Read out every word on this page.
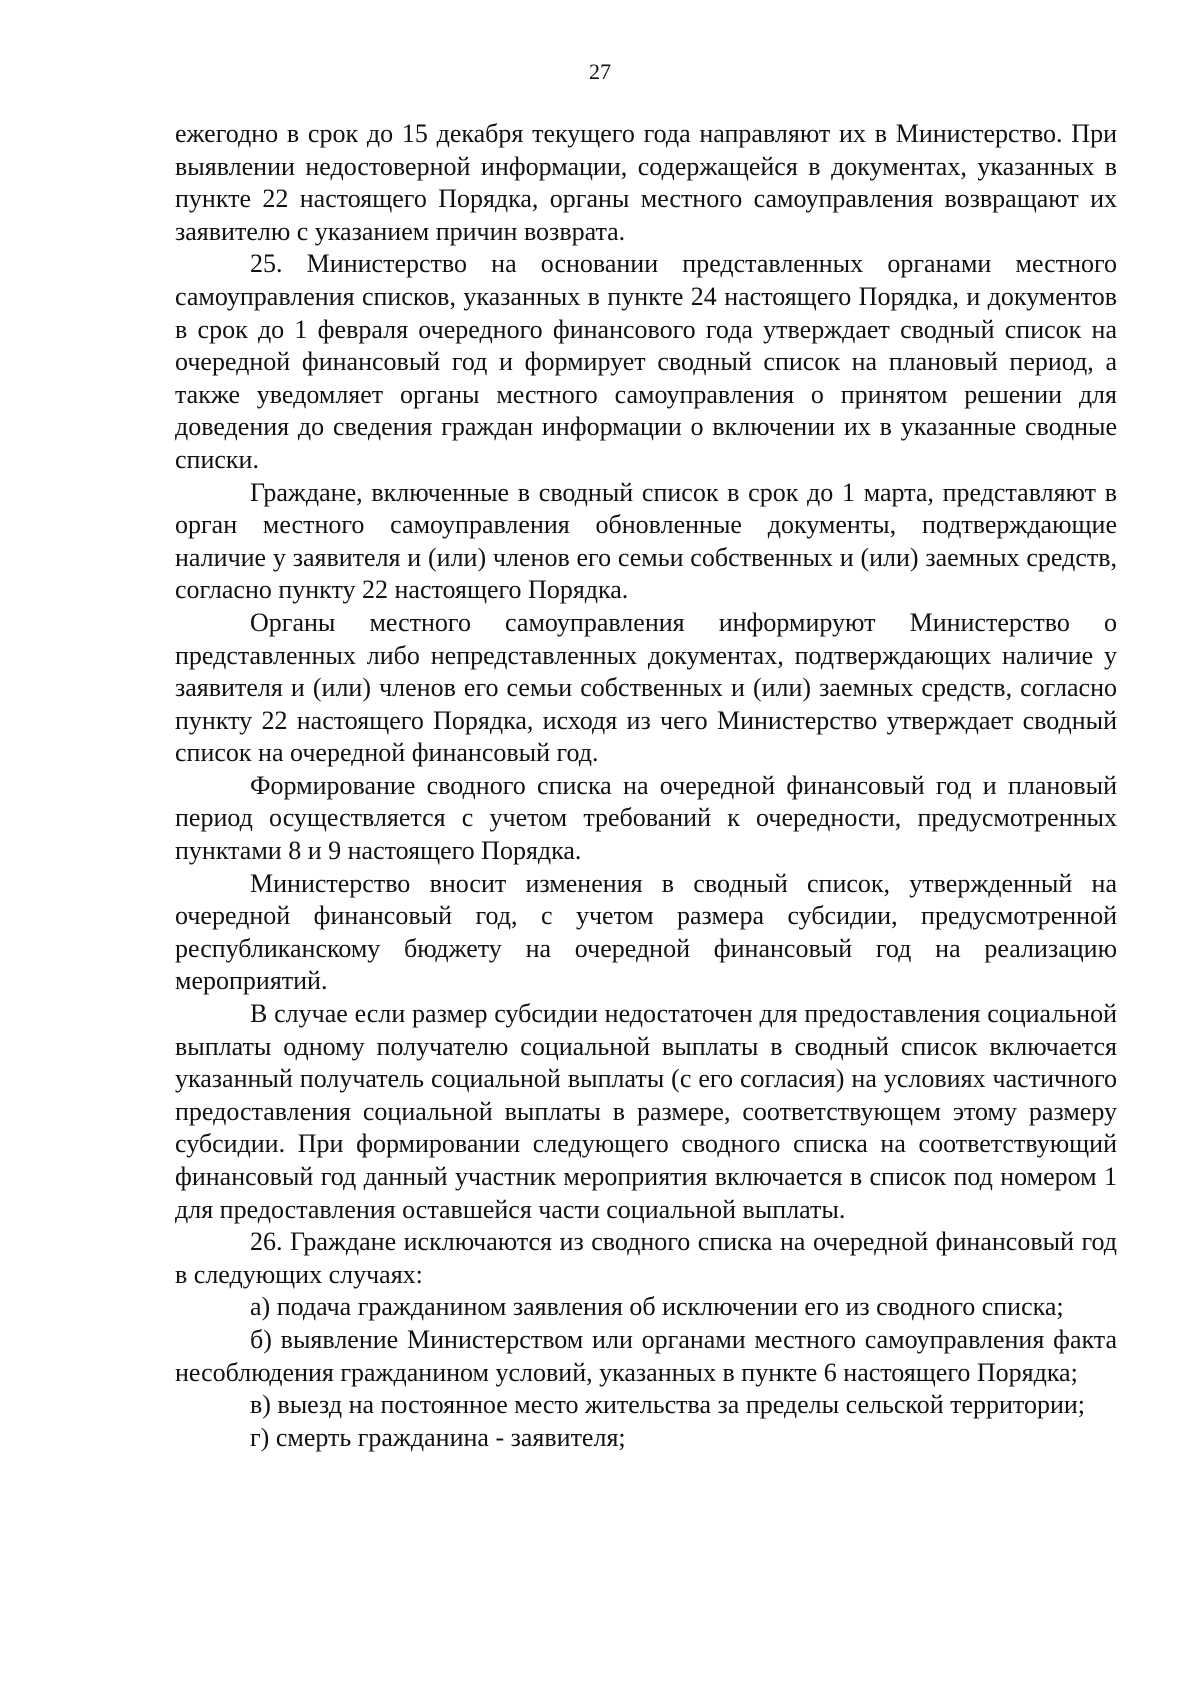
27

ежегодно в срок до 15 декабря текущего года направляют их в Министерство. При выявлении недостоверной информации, содержащейся в документах, указанных в пункте 22 настоящего Порядка, органы местного самоуправления возвращают их заявителю с указанием причин возврата.

25. Министерство на основании представленных органами местного самоуправления списков, указанных в пункте 24 настоящего Порядка, и документов в срок до 1 февраля очередного финансового года утверждает сводный список на очередной финансовый год и формирует сводный список на плановый период, а также уведомляет органы местного самоуправления о принятом решении для доведения до сведения граждан информации о включении их в указанные сводные списки.

Граждане, включенные в сводный список в срок до 1 марта, представляют в орган местного самоуправления обновленные документы, подтверждающие наличие у заявителя и (или) членов его семьи собственных и (или) заемных средств, согласно пункту 22 настоящего Порядка.

Органы местного самоуправления информируют Министерство о представленных либо непредставленных документах, подтверждающих наличие у заявителя и (или) членов его семьи собственных и (или) заемных средств, согласно пункту 22 настоящего Порядка, исходя из чего Министерство утверждает сводный список на очередной финансовый год.

Формирование сводного списка на очередной финансовый год и плановый период осуществляется с учетом требований к очередности, предусмотренных пунктами 8 и 9 настоящего Порядка.

Министерство вносит изменения в сводный список, утвержденный на очередной финансовый год, с учетом размера субсидии, предусмотренной республиканскому бюджету на очередной финансовый год на реализацию мероприятий.

В случае если размер субсидии недостаточен для предоставления социальной выплаты одному получателю социальной выплаты в сводный список включается указанный получатель социальной выплаты (с его согласия) на условиях частичного предоставления социальной выплаты в размере, соответствующем этому размеру субсидии. При формировании следующего сводного списка на соответствующий финансовый год данный участник мероприятия включается в список под номером 1 для предоставления оставшейся части социальной выплаты.

26. Граждане исключаются из сводного списка на очередной финансовый год в следующих случаях:

а) подача гражданином заявления об исключении его из сводного списка;

б) выявление Министерством или органами местного самоуправления факта несоблюдения гражданином условий, указанных в пункте 6 настоящего Порядка;

в) выезд на постоянное место жительства за пределы сельской территории;

г) смерть гражданина - заявителя;
